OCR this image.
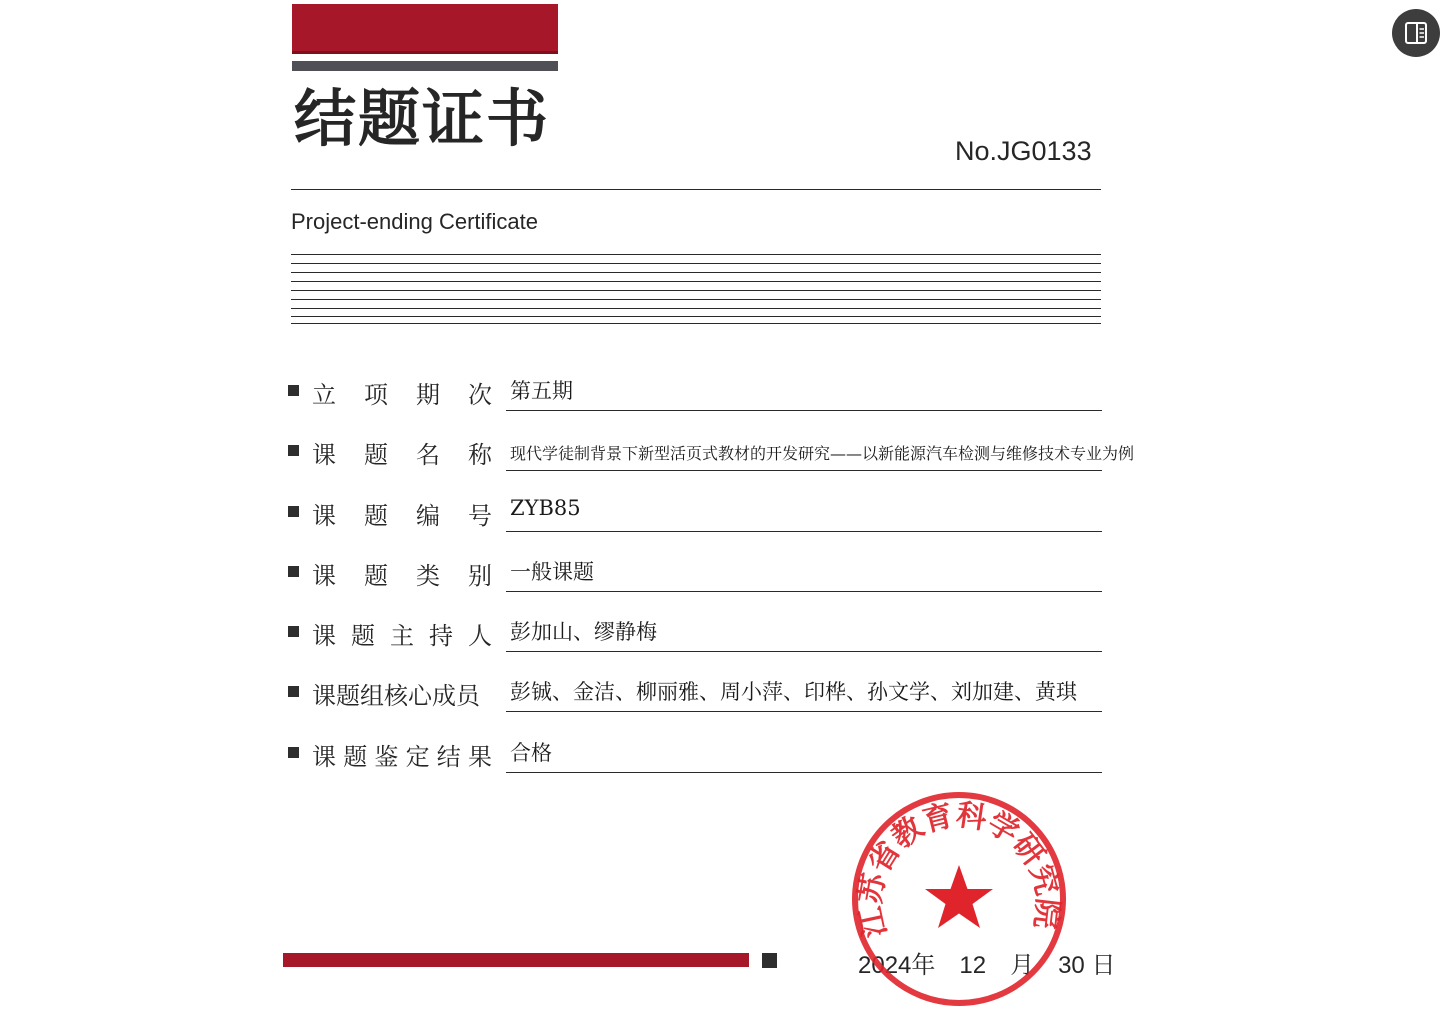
结题证书	No.JG0133
Project-ending Certificate
立 项 期 次 第五期
课 题 名 称 现代学徒制背景下新型活页式教材的开发研究——以新能源汽车检测与维修技术专业为例
课 题 编 号 ZYB85
课 题 类 别 一般课题
课 题 主 持 人 彭加山、缪静梅
课题组核心成员	彭铖、金洁、柳丽雅、周小萍、印桦、孙文学、刘加建、黄琪
课 题 鉴 定 结 果 合格
2024年　12　月　30 日
江苏省教育科学研究院
